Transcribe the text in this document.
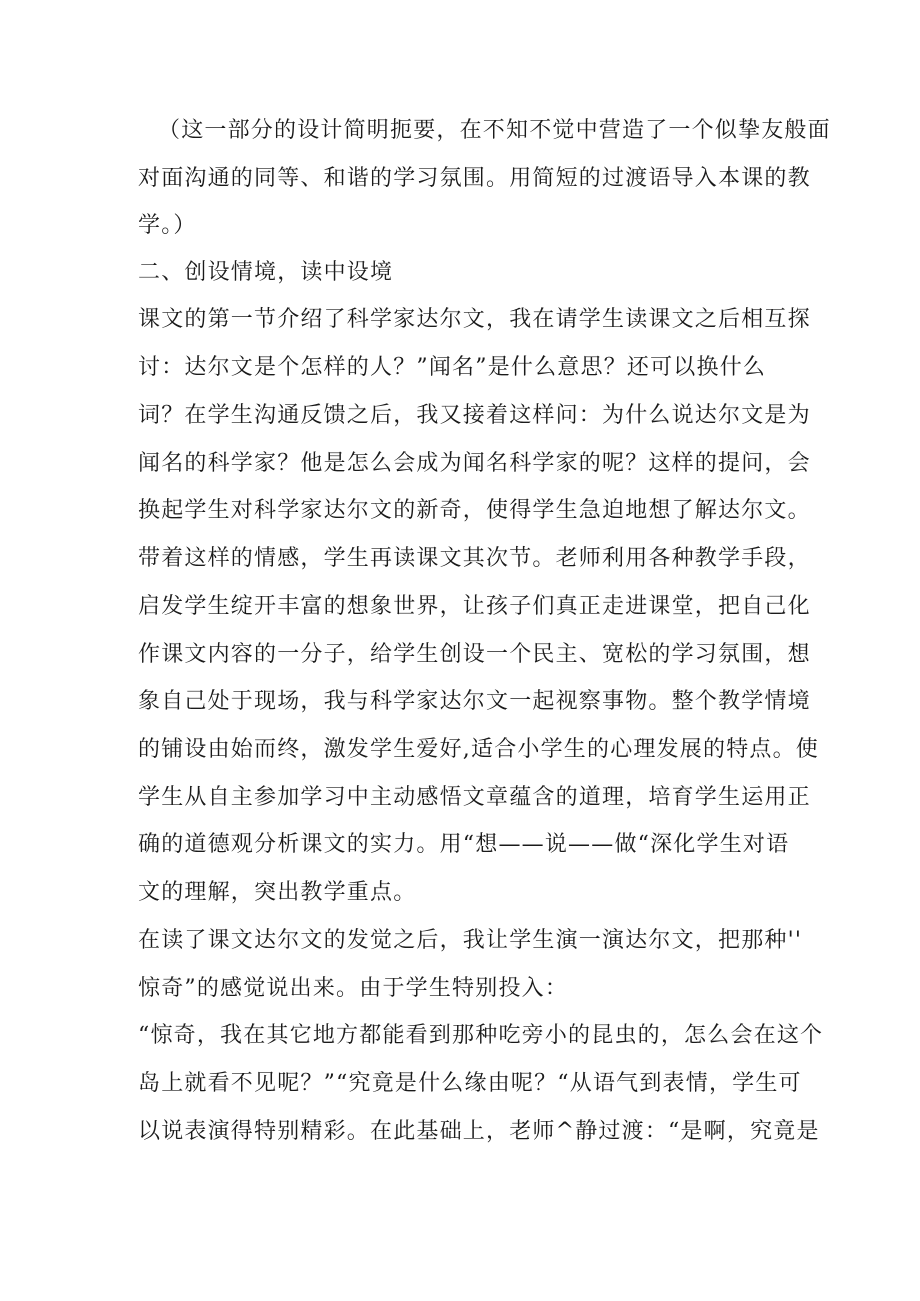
（这一部分的设计简明扼要，在不知不觉中营造了一个似挚友般面
对面沟通的同等、和谐的学习氛围。用简短的过渡语导入本课的教
学。）
二、创设情境，读中设境
课文的第一节介绍了科学家达尔文，我在请学生读课文之后相互探
讨：达尔文是个怎样的人？”闻名”是什么意思？还可以换什么
词？在学生沟通反馈之后，我又接着这样问：为什么说达尔文是为
闻名的科学家？他是怎么会成为闻名科学家的呢？这样的提问，会
换起学生对科学家达尔文的新奇，使得学生急迫地想了解达尔文。
带着这样的情感，学生再读课文其次节。老师利用各种教学手段，
启发学生绽开丰富的想象世界，让孩子们真正走进课堂，把自己化
作课文内容的一分子，给学生创设一个民主、宽松的学习氛围，想
象自己处于现场，我与科学家达尔文一起视察事物。整个教学情境
的铺设由始而终，激发学生爱好,适合小学生的心理发展的特点。使
学生从自主参加学习中主动感悟文章蕴含的道理，培育学生运用正
确的道德观分析课文的实力。用“想——说——做“深化学生对语
文的理解，突出教学重点。
在读了课文达尔文的发觉之后，我让学生演一演达尔文，把那种''
惊奇”的感觉说出来。由于学生特别投入：
“惊奇，我在其它地方都能看到那种吃旁小的昆虫的，怎么会在这个
岛上就看不见呢？”“究竟是什么缘由呢？“从语气到表情，学生可
以说表演得特别精彩。在此基础上，老师^静过渡：“是啊，究竟是
